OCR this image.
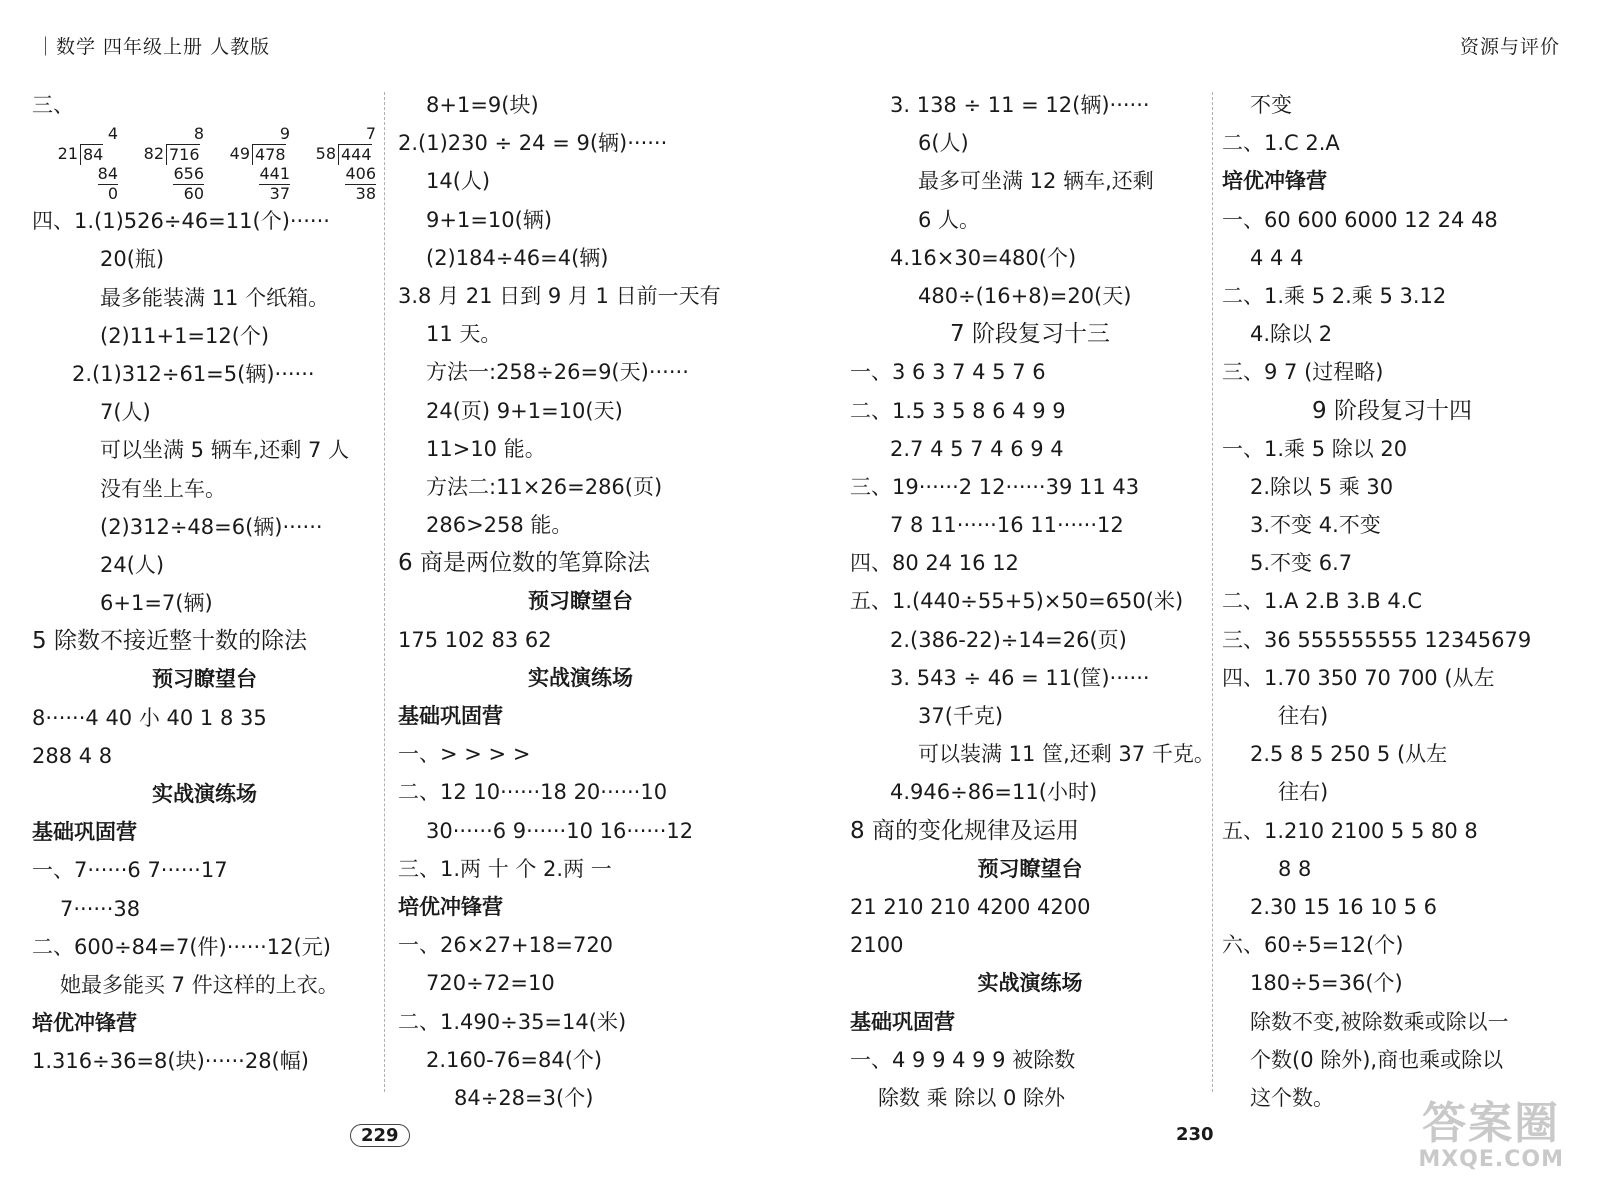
｜数学 四年级上册 人教版	资源与评价
三、
4
21 84
84
0
8
82 716
656
60
9
49 478
441
37
7
58 444
406
38
四、1.(1)526÷46=11(个)······
20(瓶)
最多能装满 11 个纸箱。
(2)11+1=12(个)
2.(1)312÷61=5(辆)······
7(人)
可以坐满 5 辆车,还剩 7 人
没有坐上车。
(2)312÷48=6(辆)······
24(人)
6+1=7(辆)
5 除数不接近整十数的除法
预习瞭望台
8······4 40 小 40 1 8 35
288 4 8
实战演练场
基础巩固营
一、7······6 7······17
7······38
二、600÷84=7(件)······12(元)
她最多能买 7 件这样的上衣。
培优冲锋营
1.316÷36=8(块)······28(幅)
8+1=9(块)
2.(1)230 ÷ 24 = 9(辆)······
14(人)
9+1=10(辆)
(2)184÷46=4(辆)
3.8 月 21 日到 9 月 1 日前一天有
11 天。
方法一:258÷26=9(天)······
24(页) 9+1=10(天)
11>10 能。
方法二:11×26=286(页)
286>258 能。
6 商是两位数的笔算除法
预习瞭望台
175 102 83 62
实战演练场
基础巩固营
一、> > > >
二、12 10······18 20······10
30······6 9······10 16······12
三、1.两 十 个 2.两 一
培优冲锋营
一、26×27+18=720
720÷72=10
二、1.490÷35=14(米)
2.160-76=84(个)
84÷28=3(个)
3. 138 ÷ 11 = 12(辆)······
6(人)
最多可坐满 12 辆车,还剩
6 人。
4.16×30=480(个)
480÷(16+8)=20(天)
7 阶段复习十三
一、3 6 3 7 4 5 7 6
二、1.5 3 5 8 6 4 9 9
2.7 4 5 7 4 6 9 4
三、19······2 12······39 11 43
7 8 11······16 11······12
四、80 24 16 12
五、1.(440÷55+5)×50=650(米)
2.(386-22)÷14=26(页)
3. 543 ÷ 46 = 11(筐)······
37(千克)
可以装满 11 筐,还剩 37 千克。
4.946÷86=11(小时)
8 商的变化规律及运用
预习瞭望台
21 210 210 4200 4200
2100
实战演练场
基础巩固营
一、4 9 9 4 9 9 被除数
除数 乘 除以 0 除外
不变
二、1.C 2.A
培优冲锋营
一、60 600 6000 12 24 48
4 4 4
二、1.乘 5 2.乘 5 3.12
4.除以 2
三、9 7 (过程略)
9 阶段复习十四
一、1.乘 5 除以 20
2.除以 5 乘 30
3.不变 4.不变
5.不变 6.7
二、1.A 2.B 3.B 4.C
三、36 555555555 12345679
四、1.70 350 70 700 (从左
往右)
2.5 8 5 250 5 (从左
往右)
五、1.210 2100 5 5 80 8
8 8
2.30 15 16 10 5 6
六、60÷5=12(个)
180÷5=36(个)
除数不变,被除数乘或除以一
个数(0 除外),商也乘或除以
这个数。
229	230	答案圈
MXQE.COM
